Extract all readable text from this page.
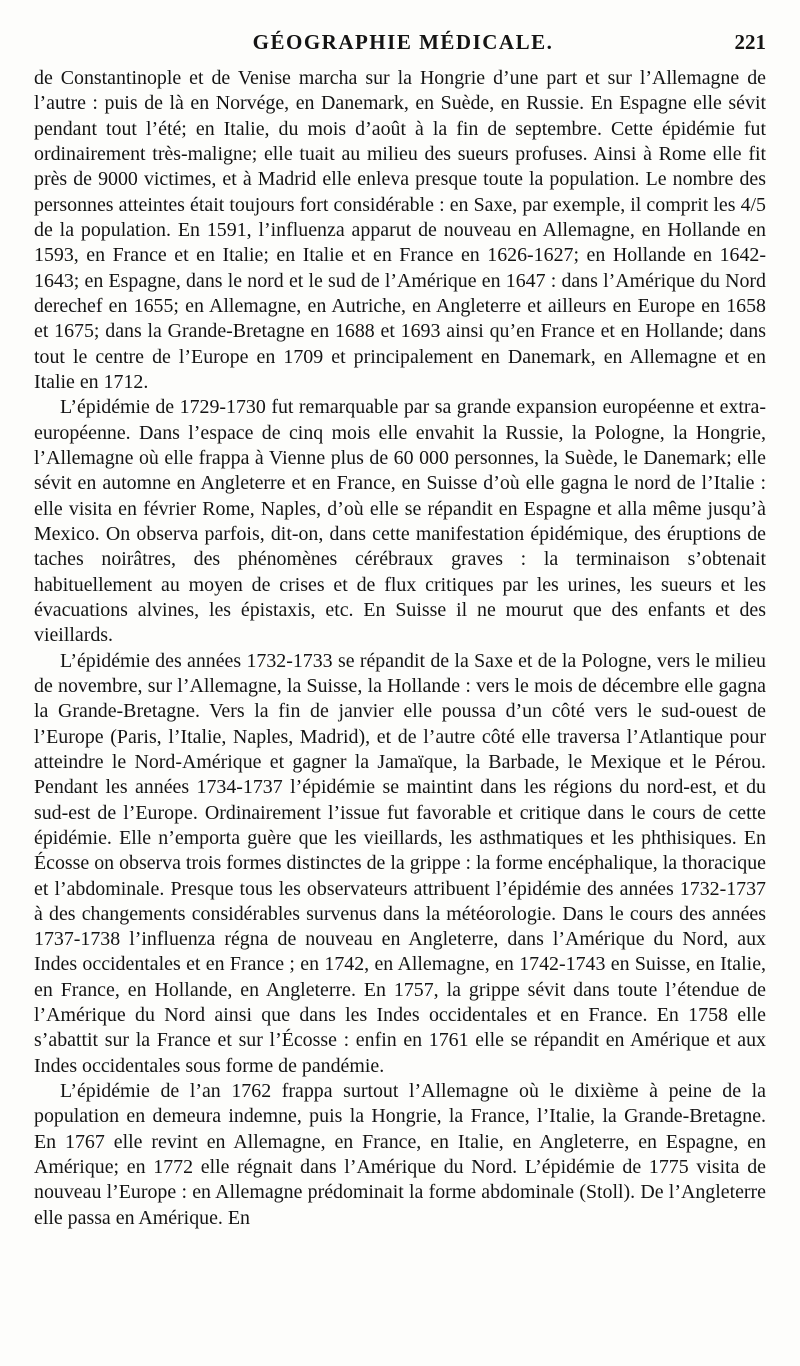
GÉOGRAPHIE MÉDICALE.	221

de Constantinople et de Venise marcha sur la Hongrie d’une part et sur l’Allemagne de l’autre : puis de là en Norvége, en Danemark, en Suède, en Russie. En Espagne elle sévit pendant tout l’été; en Italie, du mois d’août à la fin de septembre. Cette épidémie fut ordinairement très-maligne; elle tuait au milieu des sueurs profuses. Ainsi à Rome elle fit près de 9000 victimes, et à Madrid elle enleva presque toute la population. Le nombre des personnes atteintes était toujours fort considérable : en Saxe, par exemple, il comprit les 4/5 de la population. En 1591, l’influenza apparut de nouveau en Allemagne, en Hollande en 1593, en France et en Italie; en Italie et en France en 1626-1627; en Hollande en 1642-1643; en Espagne, dans le nord et le sud de l’Amérique en 1647 : dans l’Amérique du Nord derechef en 1655; en Allemagne, en Autriche, en Angleterre et ailleurs en Europe en 1658 et 1675; dans la Grande-Bretagne en 1688 et 1693 ainsi qu’en France et en Hollande; dans tout le centre de l’Europe en 1709 et principalement en Danemark, en Allemagne et en Italie en 1712.

L’épidémie de 1729-1730 fut remarquable par sa grande expansion européenne et extra-européenne. Dans l’espace de cinq mois elle envahit la Russie, la Pologne, la Hongrie, l’Allemagne où elle frappa à Vienne plus de 60 000 personnes, la Suède, le Danemark; elle sévit en automne en Angleterre et en France, en Suisse d’où elle gagna le nord de l’Italie : elle visita en février Rome, Naples, d’où elle se répandit en Espagne et alla même jusqu’à Mexico. On observa parfois, dit-on, dans cette manifestation épidémique, des éruptions de taches noirâtres, des phénomènes cérébraux graves : la terminaison s’obtenait habituellement au moyen de crises et de flux critiques par les urines, les sueurs et les évacuations alvines, les épistaxis, etc. En Suisse il ne mourut que des enfants et des vieillards.

L’épidémie des années 1732-1733 se répandit de la Saxe et de la Pologne, vers le milieu de novembre, sur l’Allemagne, la Suisse, la Hollande : vers le mois de décembre elle gagna la Grande-Bretagne. Vers la fin de janvier elle poussa d’un côté vers le sud-ouest de l’Europe (Paris, l’Italie, Naples, Madrid), et de l’autre côté elle traversa l’Atlantique pour atteindre le Nord-Amérique et gagner la Jamaïque, la Barbade, le Mexique et le Pérou. Pendant les années 1734-1737 l’épidémie se maintint dans les régions du nord-est, et du sud-est de l’Europe. Ordinairement l’issue fut favorable et critique dans le cours de cette épidémie. Elle n’emporta guère que les vieillards, les asthmatiques et les phthisiques. En Écosse on observa trois formes distinctes de la grippe : la forme encéphalique, la thoracique et l’abdominale. Presque tous les observateurs attribuent l’épidémie des années 1732-1737 à des changements considérables survenus dans la météorologie. Dans le cours des années 1737-1738 l’influenza régna de nouveau en Angleterre, dans l’Amérique du Nord, aux Indes occidentales et en France ; en 1742, en Allemagne, en 1742-1743 en Suisse, en Italie, en France, en Hollande, en Angleterre. En 1757, la grippe sévit dans toute l’étendue de l’Amérique du Nord ainsi que dans les Indes occidentales et en France. En 1758 elle s’abattit sur la France et sur l’Écosse : enfin en 1761 elle se répandit en Amérique et aux Indes occidentales sous forme de pandémie.

L’épidémie de l’an 1762 frappa surtout l’Allemagne où le dixième à peine de la population en demeura indemne, puis la Hongrie, la France, l’Italie, la Grande-Bretagne. En 1767 elle revint en Allemagne, en France, en Italie, en Angleterre, en Espagne, en Amérique; en 1772 elle régnait dans l’Amérique du Nord. L’épidémie de 1775 visita de nouveau l’Europe : en Allemagne prédominait la forme abdominale (Stoll). De l’Angleterre elle passa en Amérique. En
